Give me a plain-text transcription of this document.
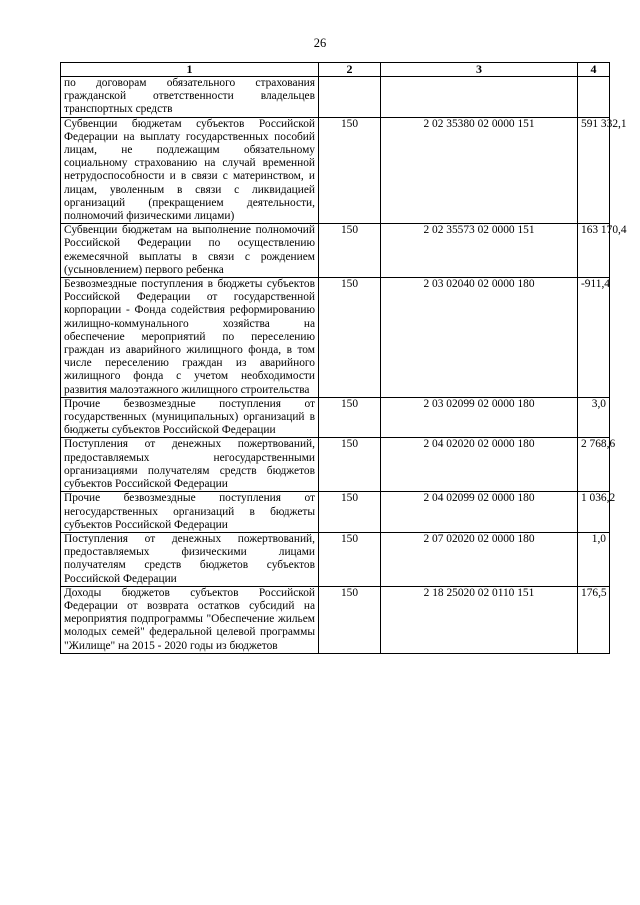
26
1	2	3	4
по договорам обязательного страхования гражданской ответственности владельцев транспортных средств			
Субвенции бюджетам субъектов Российской Федерации на выплату государственных пособий лицам, не подлежащим обязательному социальному страхованию на случай временной нетрудоспособности и в связи с материнством, и лицам, уволенным в связи с ликвидацией организаций (прекращением деятельности, полномочий физическими лицами)	150	2 02 35380 02 0000 151	591 332,1
Субвенции бюджетам на выполнение полномочий Российской Федерации по осуществлению ежемесячной выплаты в связи с рождением (усыновлением) первого ребенка	150	2 02 35573 02 0000 151	163 170,4
Безвозмездные поступления в бюджеты субъектов Российской Федерации от государственной корпорации - Фонда содействия реформированию жилищно-коммунального хозяйства на обеспечение мероприятий по переселению граждан из аварийного жилищного фонда, в том числе переселению граждан из аварийного жилищного фонда с учетом необходимости развития малоэтажного жилищного строительства	150	2 03 02040 02 0000 180	-911,4
Прочие безвозмездные поступления от государственных (муниципальных) организаций в бюджеты субъектов Российской Федерации	150	2 03 02099 02 0000 180	3,0
Поступления от денежных пожертвований, предоставляемых негосударственными организациями получателям средств бюджетов субъектов Российской Федерации	150	2 04 02020 02 0000 180	2 768,6
Прочие безвозмездные поступления от негосударственных организаций в бюджеты субъектов Российской Федерации	150	2 04 02099 02 0000 180	1 036,2
Поступления от денежных пожертвований, предоставляемых физическими лицами получателям средств бюджетов субъектов Российской Федерации	150	2 07 02020 02 0000 180	1,0
Доходы бюджетов субъектов Российской Федерации от возврата остатков субсидий на мероприятия подпрограммы "Обеспечение жильем молодых семей" федеральной целевой программы "Жилище" на 2015 - 2020 годы из бюджетов	150	2 18 25020 02 0110 151	176,5
